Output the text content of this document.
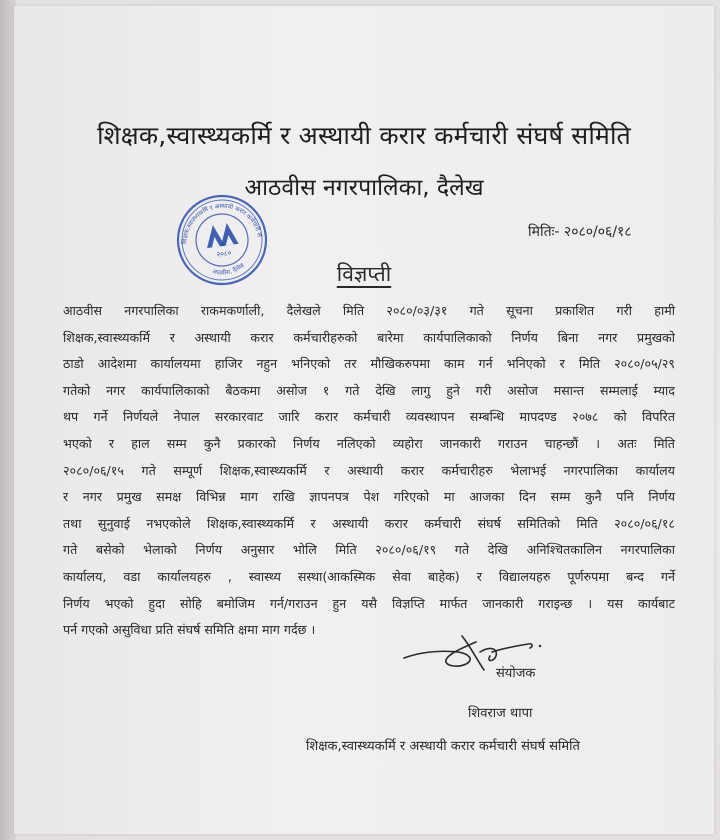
शिक्षक,स्वास्थ्यकर्मि र अस्थायी करार कर्मचारी संघर्ष समिति
आठवीस नगरपालिका, दैलेख
शिक्षक,स्वास्थ्यकर्मि र अस्थायी करार कर्मचारी संघर्ष
आठवीस, दैलेख
२०८०
मितिः- २०८०/०६/१८
विज्ञप्ती
आठवीस नगरपालिका राकमकर्णाली, दैलेखले मिति २०८०/०३/३१ गते सूचना प्रकाशित गरी हामी
शिक्षक,स्वास्थ्यकर्मि र अस्थायी करार कर्मचारीहरुको बारेमा कार्यपालिकाको निर्णय बिना नगर प्रमुखको
ठाडो आदेशमा कार्यालयमा हाजिर नहुन भनिएको तर मौखिकरुपमा काम गर्न भनिएको र मिति २०८०/०५/२९
गतेको नगर कार्यपालिकाको बैठकमा असोज १ गते देखि लागु हुने गरी असोज मसान्त सम्मलाई म्याद
थप गर्ने निर्णयले नेपाल सरकारवाट जारि करार कर्मचारी व्यवस्थापन सम्बन्धि मापदण्ड २०७८ को विपरित
भएको र हाल सम्म कुनै प्रकारको निर्णय नलिएको व्यहोरा जानकारी गराउन चाहन्छौं । अतः मिति
२०८०/०६/१५ गते सम्पूर्ण शिक्षक,स्वास्थ्यकर्मि र अस्थायी करार कर्मचारीहरु भेलाभई नगरपालिका कार्यालय
र नगर प्रमुख समक्ष विभिन्न माग राखि ज्ञापनपत्र पेश गरिएको मा आजका दिन सम्म कुनै पनि निर्णय
तथा सुनुवाई नभएकोले शिक्षक,स्वास्थ्यकर्मि र अस्थायी करार कर्मचारी संघर्ष समितिको मिति २०८०/०६/१८
गते बसेको भेलाको निर्णय अनुसार भोलि मिति २०८०/०६/१९ गते देखि अनिश्चितकालिन नगरपालिका
कार्यालय, वडा कार्यालयहरु , स्वास्थ्य सस्था(आकस्मिक सेवा बाहेक) र विद्यालयहरु पूर्णरुपमा बन्द गर्ने
निर्णय भएको हुदा सोहि बमोजिम गर्न/गराउन हुन यसै विज्ञप्ति मार्फत जानकारी गराइन्छ । यस कार्यबाट
पर्न गएको असुविधा प्रति संघर्ष समिति क्षमा माग गर्दछ ।
संयोजक
शिवराज थापा
शिक्षक,स्वास्थ्यकर्मि र अस्थायी करार कर्मचारी संघर्ष समिति
